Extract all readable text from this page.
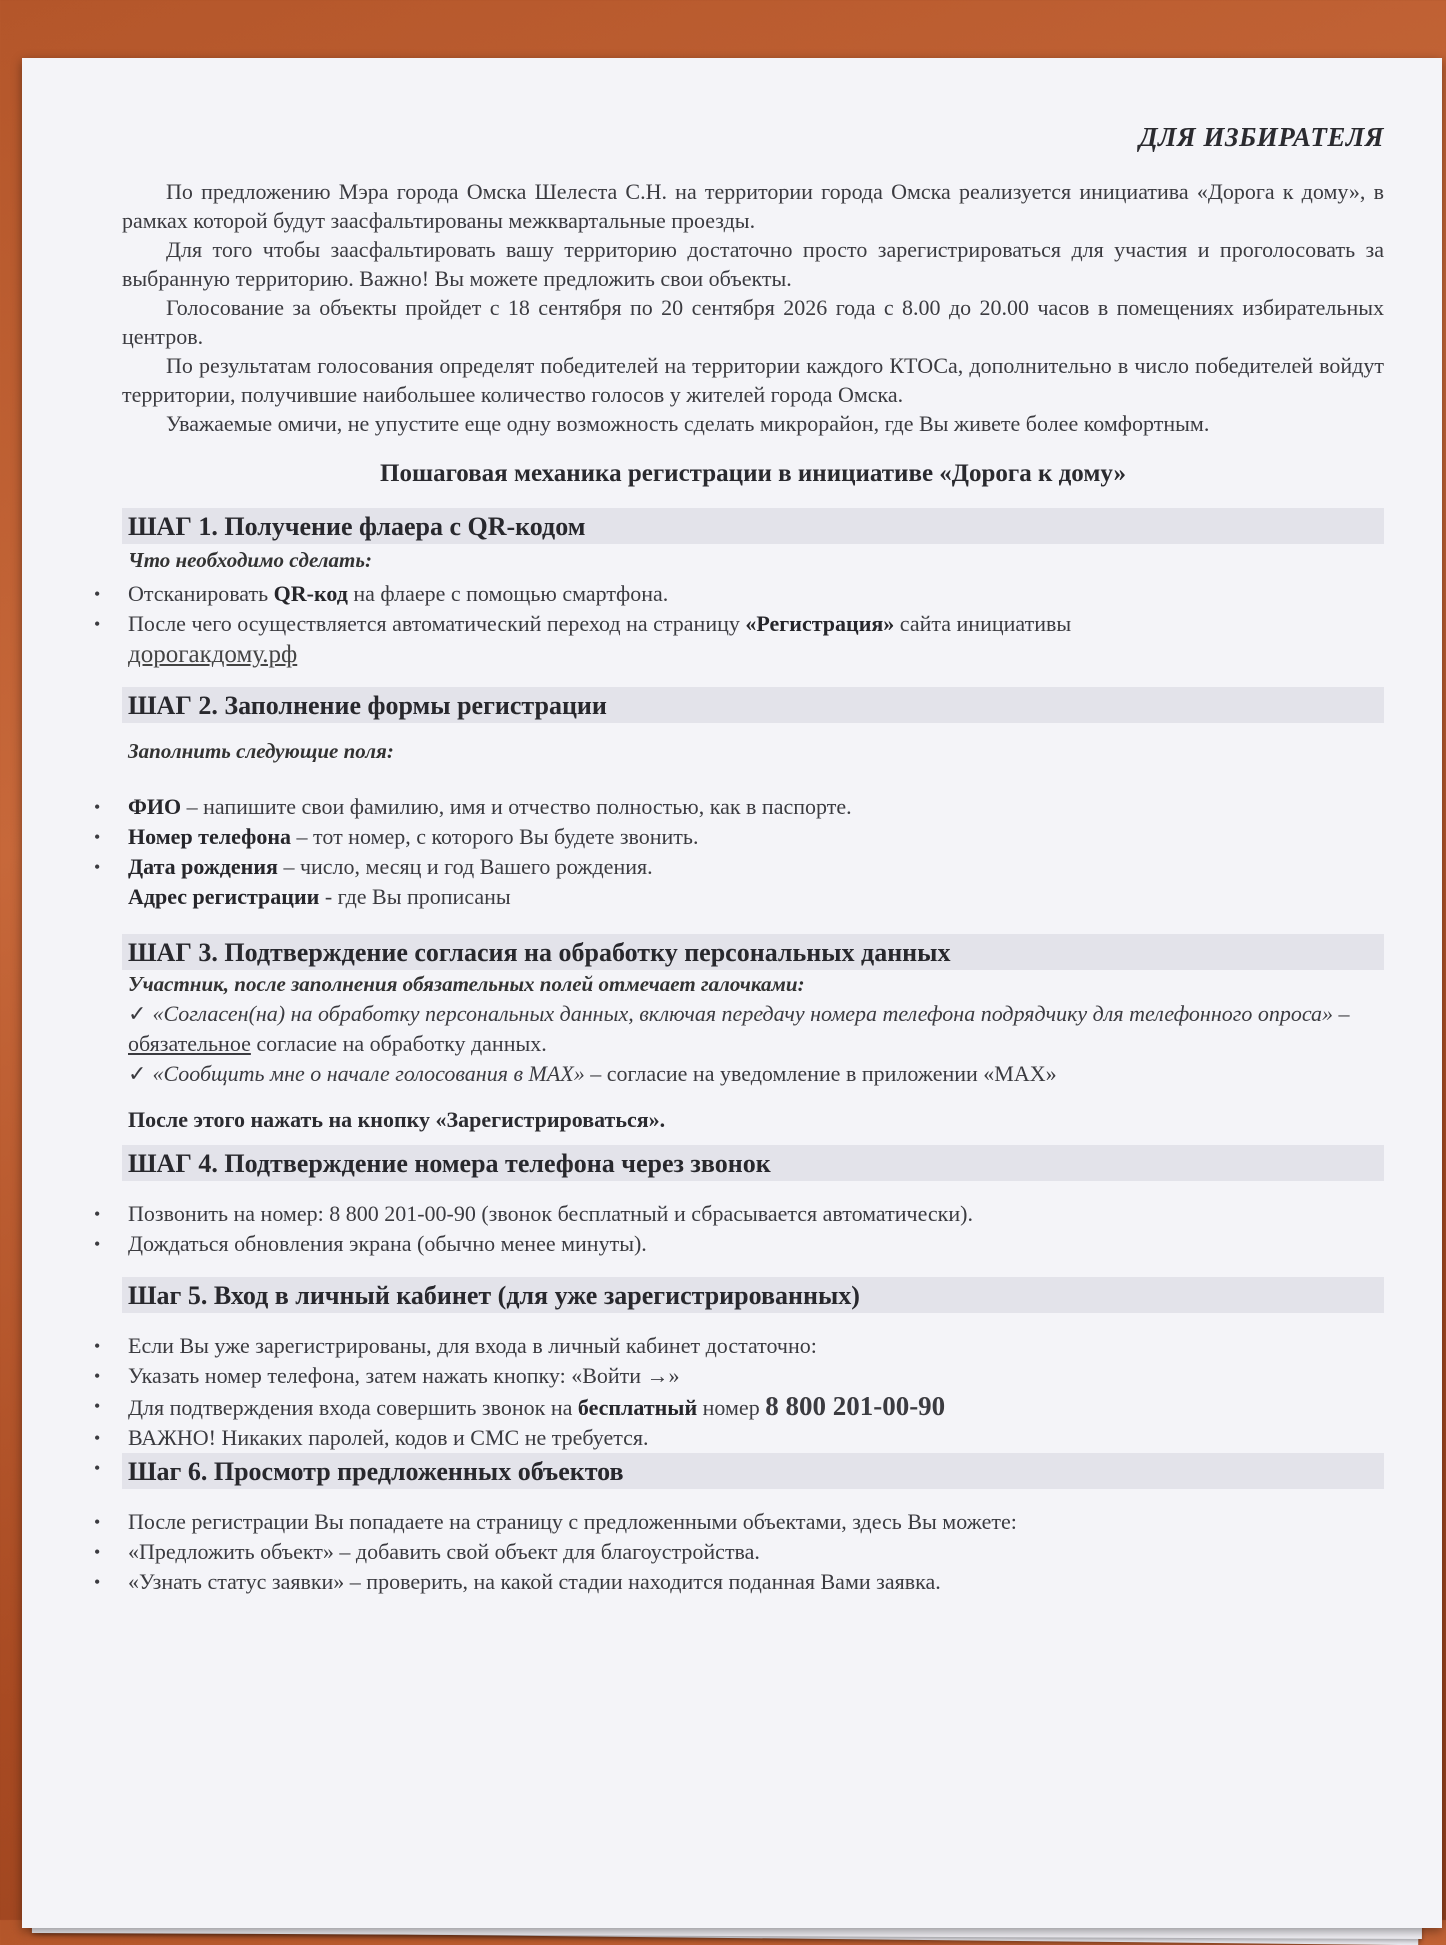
ДЛЯ ИЗБИРАТЕЛЯ

По предложению Мэра города Омска Шелеста С.Н. на территории города Омска реализуется инициатива «Дорога к дому», в рамках которой будут заасфальтированы межквартальные проезды.

Для того чтобы заасфальтировать вашу территорию достаточно просто зарегистрироваться для участия и проголосовать за выбранную территорию. Важно! Вы можете предложить свои объекты.

Голосование за объекты пройдет с 18 сентября по 20 сентября 2026 года с 8.00 до 20.00 часов в помещениях избирательных центров.

По результатам голосования определят победителей на территории каждого КТОСа, дополнительно в число победителей войдут территории, получившие наибольшее количество голосов у жителей города Омска.

Уважаемые омичи, не упустите еще одну возможность сделать микрорайон, где Вы живете более комфортным.

Пошаговая механика регистрации в инициативе «Дорога к дому»
ШАГ 1. Получение флаера с QR-кодом
Что необходимо сделать:
• Отсканировать QR-код на флаере с помощью смартфона.
• После чего осуществляется автоматический переход на страницу «Регистрация» сайта инициативы
дорогакдому.рф
ШАГ 2. Заполнение формы регистрации
Заполнить следующие поля:
• ФИО – напишите свои фамилию, имя и отчество полностью, как в паспорте.
• Номер телефона – тот номер, с которого Вы будете звонить.
• Дата рождения – число, месяц и год Вашего рождения.
Адрес регистрации - где Вы прописаны
ШАГ 3. Подтверждение согласия на обработку персональных данных
Участник, после заполнения обязательных полей отмечает галочками:
✓ «Согласен(на) на обработку персональных данных, включая передачу номера телефона подрядчику для телефонного опроса» – обязательное согласие на обработку данных.
✓ «Сообщить мне о начале голосования в MAX» – согласие на уведомление в приложении «MAX»
После этого нажать на кнопку «Зарегистрироваться».
ШАГ 4. Подтверждение номера телефона через звонок
• Позвонить на номер: 8 800 201-00-90 (звонок бесплатный и сбрасывается автоматически).
• Дождаться обновления экрана (обычно менее минуты).
Шаг 5. Вход в личный кабинет (для уже зарегистрированных)
• Если Вы уже зарегистрированы, для входа в личный кабинет достаточно:
• Указать номер телефона, затем нажать кнопку: «Войти →»
• Для подтверждения входа совершить звонок на бесплатный номер 8 800 201-00-90
• ВАЖНО! Никаких паролей, кодов и СМС не требуется.
• Шаг 6. Просмотр предложенных объектов
• После регистрации Вы попадаете на страницу с предложенными объектами, здесь Вы можете:
• «Предложить объект» – добавить свой объект для благоустройства.
• «Узнать статус заявки» – проверить, на какой стадии находится поданная Вами заявка.
